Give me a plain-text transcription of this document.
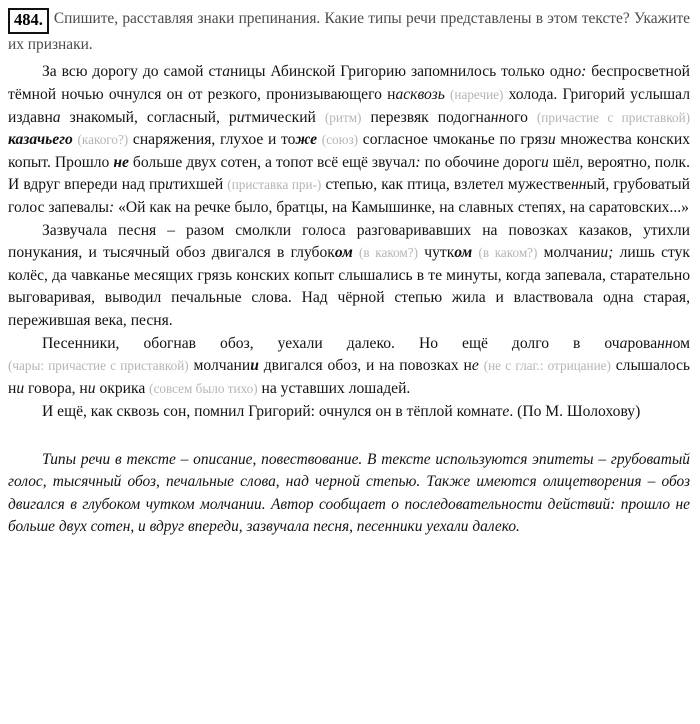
484. Спишите, расставляя знаки препинания. Какие типы речи представлены в этом тексте? Укажите их признаки.

За всю дорогу до самой станицы Абинской Григорию запомнилось только одно: беспросветной тёмной ночью очнулся он от резкого, пронизывающего насквозь (наречие) холода. Григорий услышал издавна знакомый, согласный, ритмический (ритм) перезвяк подогнанного (причастие с приставкой) казачьего (какого?) снаряжения, глухое и тоже (союз) согласное чмоканье по грязи множества конских копыт. Прошло не больше двух сотен, а топот всё ещё звучал: по обочине дороги шёл, вероятно, полк. И вдруг впереди над притихшей (приставка при-) степью, как птица, взлетел мужественный, грубоватый голос запевалы: «Ой как на речке было, братцы, на Камышинке, на славных степях, на саратовских...»

Зазвучала песня – разом смолкли голоса разговаривавших на повозках казаков, утихли понукания, и тысячный обоз двигался в глубоком (в каком?) чутком (в каком?) молчании; лишь стук колёс, да чавканье месящих грязь конских копыт слышались в те минуты, когда запевала, старательно выговаривая, выводил печальные слова. Над чёрной степью жила и властвовала одна старая, пережившая века, песня.

Песенники, обогнав обоз, уехали далеко. Но ещё долго в очарованном (чары: причастие с приставкой) молчании двигался обоз, и на повозках не (не с глаг.: отрицание) слышалось ни говора, ни окрика (совсем было тихо) на уставших лошадей.

И ещё, как сквозь сон, помнил Григорий: очнулся он в тёплой комнате. (По М. Шолохову)

Типы речи в тексте – описание, повествование. В тексте используются эпитеты – грубоватый голос, тысячный обоз, печальные слова, над черной степью. Также имеются олицетворения – обоз двигался в глубоком чутком молчании. Автор сообщает о последовательности действий: прошло не больше двух сотен, и вдруг впереди, зазвучала песня, песенники уехали далеко.
